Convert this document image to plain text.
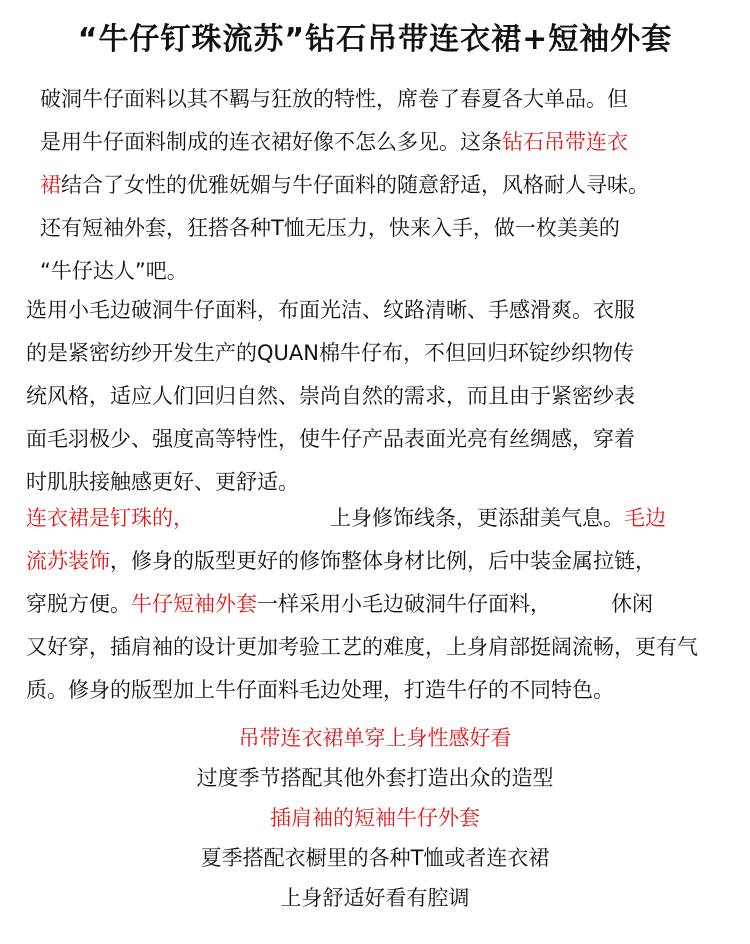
“牛仔钉珠流苏”钻石吊带连衣裙+短袖外套
破洞牛仔面料以其不羁与狂放的特性，席卷了春夏各大单品。但
是用牛仔面料制成的连衣裙好像不怎么多见。这条钻石吊带连衣
裙结合了女性的优雅妩媚与牛仔面料的随意舒适，风格耐人寻味。
还有短袖外套，狂搭各种T恤无压力，快来入手，做一枚美美的
“牛仔达人”吧。
选用小毛边破洞牛仔面料，布面光洁、纹路清晰、手感滑爽。衣服
的是紧密纺纱开发生产的QUAN棉牛仔布，不但回归环锭纱织物传
统风格，适应人们回归自然、崇尚自然的需求，而且由于紧密纱表
面毛羽极少、强度高等特性，使牛仔产品表面光亮有丝绸感，穿着
时肌肤接触感更好、更舒适。
连衣裙是钉珠的，	上身修饰线条，更添甜美气息。毛边
流苏装饰，修身的版型更好的修饰整体身材比例，后中装金属拉链，
穿脱方便。牛仔短袖外套一样采用小毛边破洞牛仔面料，	休闲
又好穿，插肩袖的设计更加考验工艺的难度，上身肩部挺阔流畅，更有气
质。修身的版型加上牛仔面料毛边处理，打造牛仔的不同特色。
吊带连衣裙单穿上身性感好看
过度季节搭配其他外套打造出众的造型
插肩袖的短袖牛仔外套
夏季搭配衣橱里的各种T恤或者连衣裙
上身舒适好看有腔调
